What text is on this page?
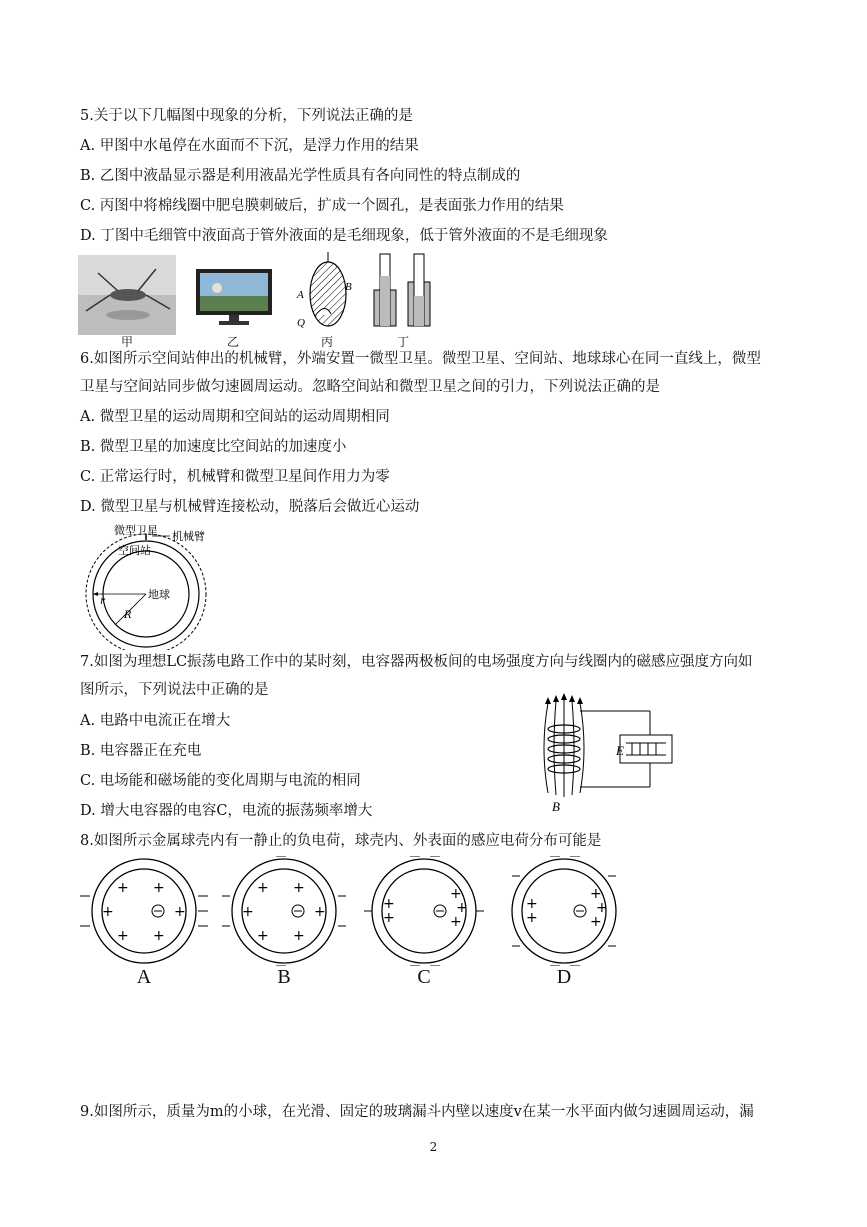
5.关于以下几幅图中现象的分析，下列说法正确的是
A. 甲图中水黾停在水面而不下沉，是浮力作用的结果
B. 乙图中液晶显示器是利用液晶光学性质具有各向同性的特点制成的
C. 丙图中将棉线圈中肥皂膜刺破后，扩成一个圆孔，是表面张力作用的结果
D. 丁图中毛细管中液面高于管外液面的是毛细现象，低于管外液面的不是毛细现象
A
B
Q
甲	乙	丙	丁
6.如图所示空间站伸出的机械臂，外端安置一微型卫星。微型卫星、空间站、地球球心在同一直线上，微型
卫星与空间站同步做匀速圆周运动。忽略空间站和微型卫星之间的引力，下列说法正确的是
A. 微型卫星的运动周期和空间站的运动周期相同
B. 微型卫星的加速度比空间站的加速度小
C. 正常运行时，机械臂和微型卫星间作用力为零
D. 微型卫星与机械臂连接松动，脱落后会做近心运动
微型卫星 机械臂
空间站
地球
r
R
7.如图为理想LC振荡电路工作中的某时刻，电容器两极板间的电场强度方向与线圈内的磁感应强度方向如
图所示，下列说法中正确的是
A. 电路中电流正在增大
B. 电容器正在充电
C. 电场能和磁场能的变化周期与电流的相同
D. 增大电容器的电容C，电流的振荡频率增大
E
B
8.如图所示金属球壳内有一静止的负电荷，球壳内、外表面的感应电荷分布可能是
+ +
+	+
+ +
+ +
+	+
+ +
+
+
+
+
+
+
+
+
+
+
A	B	C	D
9.如图所示，质量为m的小球，在光滑、固定的玻璃漏斗内壁以速度v在某一水平面内做匀速圆周运动，漏
2
